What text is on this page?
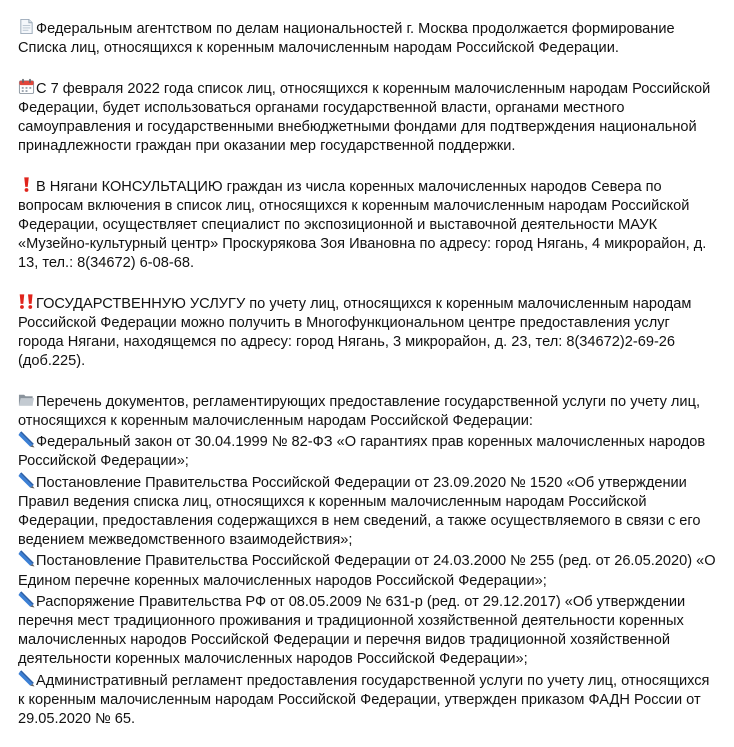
Федеральным агентством по делам национальностей г. Москва продолжается формирование Списка лиц, относящихся к коренным малочисленным народам Российской Федерации.

С 7 февраля 2022 года список лиц, относящихся к коренным малочисленным народам Российской Федерации, будет использоваться органами государственной власти, органами местного самоуправления и государственными внебюджетными фондами для подтверждения национальной принадлежности граждан при оказании мер государственной поддержки.

В Нягани КОНСУЛЬТАЦИЮ граждан из числа коренных малочисленных народов Севера по вопросам включения в список лиц, относящихся к коренным малочисленным народам Российской Федерации, осуществляет специалист по экспозиционной и выставочной деятельности МАУК «Музейно-культурный центр» Проскурякова Зоя Ивановна по адресу: город Нягань, 4 микрорайон, д. 13, тел.: 8(34672) 6-08-68.

ГОСУДАРСТВЕННУЮ УСЛУГУ по учету лиц, относящихся к коренным малочисленным народам Российской Федерации можно получить в Многофункциональном центре предоставления услуг города Нягани, находящемся по адресу: город Нягань, 3 микрорайон, д. 23, тел: 8(34672)2-69-26 (доб.225).

Перечень документов, регламентирующих предоставление государственной услуги по учету лиц, относящихся к коренным малочисленным народам Российской Федерации:

Федеральный закон от 30.04.1999 № 82-ФЗ «О гарантиях прав коренных малочисленных народов Российской Федерации»;

Постановление Правительства Российской Федерации от 23.09.2020 № 1520 «Об утверждении Правил ведения списка лиц, относящихся к коренным малочисленным народам Российской Федерации, предоставления содержащихся в нем сведений, а также осуществляемого в связи с его ведением межведомственного взаимодействия»;

Постановление Правительства Российской Федерации от 24.03.2000 № 255 (ред. от 26.05.2020) «О Едином перечне коренных малочисленных народов Российской Федерации»;

Распоряжение Правительства РФ от 08.05.2009 № 631-р (ред. от 29.12.2017) «Об утверждении перечня мест традиционного проживания и традиционной хозяйственной деятельности коренных малочисленных народов Российской Федерации и перечня видов традиционной хозяйственной деятельности коренных малочисленных народов Российской Федерации»;

Административный регламент предоставления государственной услуги по учету лиц, относящихся к коренным малочисленным народам Российской Федерации, утвержден приказом ФАДН России от 29.05.2020 № 65.
